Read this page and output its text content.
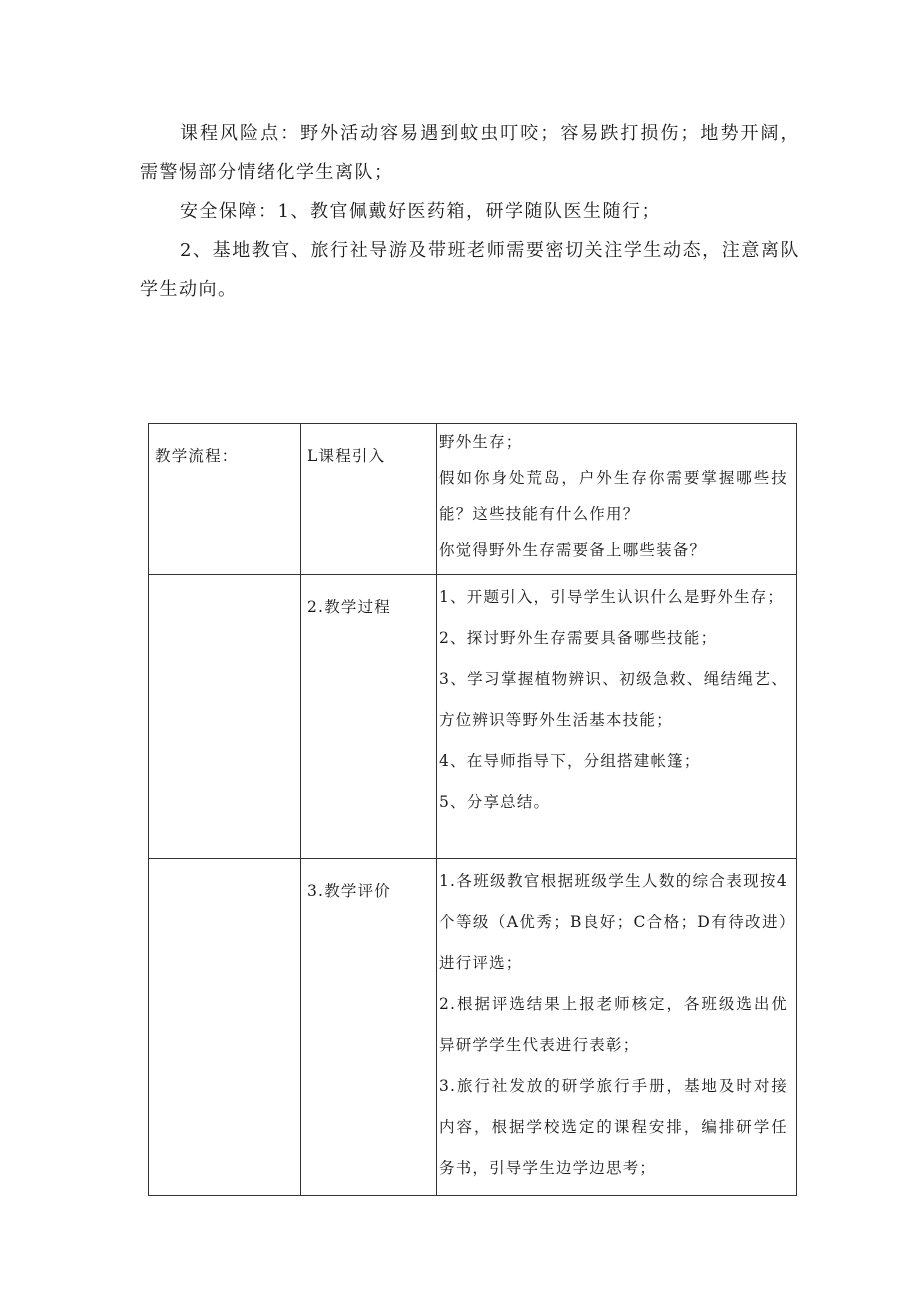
课程风险点：野外活动容易遇到蚊虫叮咬；容易跌打损伤；地势开阔，需警惕部分情绪化学生离队；

安全保障：1、教官佩戴好医药箱，研学随队医生随行；

2、基地教官、旅行社导游及带班老师需要密切关注学生动态，注意离队学生动向。

教学流程：	L课程引入	野外生存；

假如你身处荒岛，户外生存你需要掌握哪些技能？这些技能有什么作用？

你觉得野外生存需要备上哪些装备？

	2.教学过程	1、开题引入，引导学生认识什么是野外生存；

2、探讨野外生存需要具备哪些技能；

3、学习掌握植物辨识、初级急救、绳结绳艺、方位辨识等野外生活基本技能；

4、在导师指导下，分组搭建帐篷；

5、分享总结。

	3.教学评价	1.各班级教官根据班级学生人数的综合表现按4个等级（A优秀；B良好；C合格；D有待改进）进行评选；

2.根据评选结果上报老师核定，各班级选出优异研学学生代表进行表彰；

3.旅行社发放的研学旅行手册，基地及时对接内容，根据学校选定的课程安排，编排研学任务书，引导学生边学边思考；
